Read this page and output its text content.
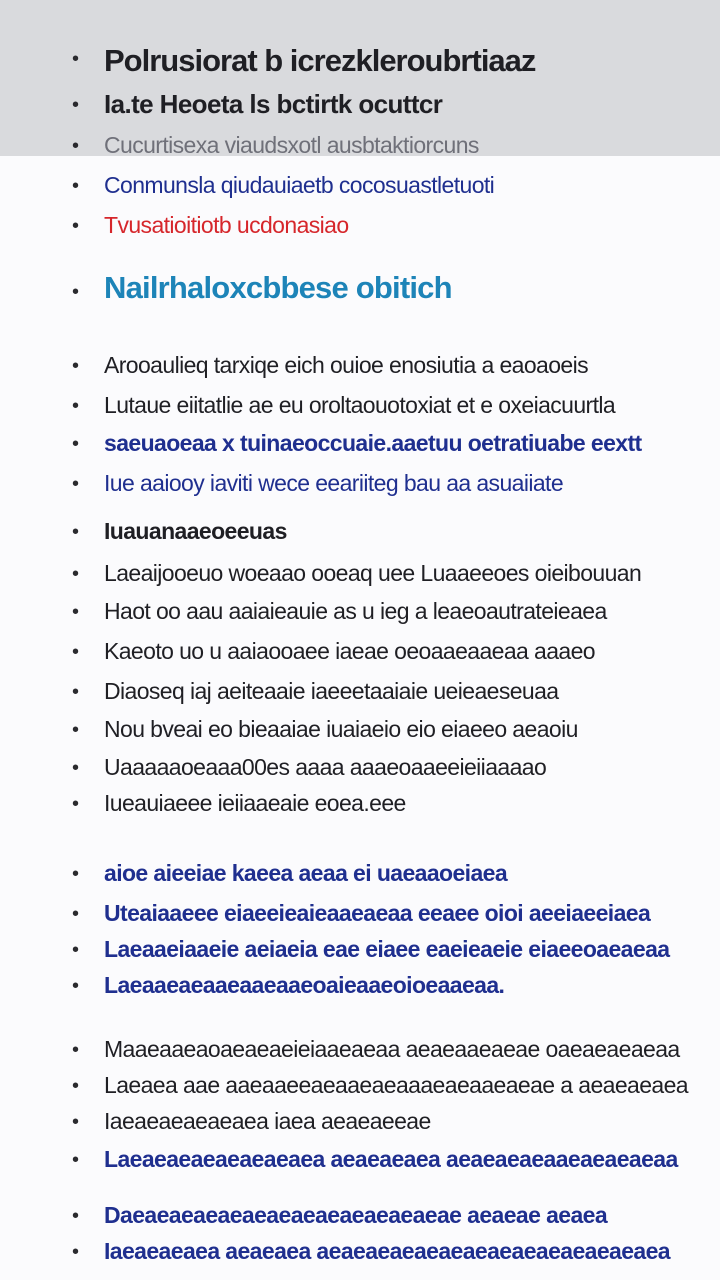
• Polrusiorat b icrezkleroubrtiaaz
• Ia.te Heoeta ls bctirtk ocuttcr
• Cucurtisexa viaudsxotl ausbtaktiorcuns
• Conmunsla qiudauiaetb cocosuastletuoti
• Tvusatioitiotb ucdonasiao
• Nailrhaloxcbbese obitich
• Arooaulieq tarxiqe eich ouioe enosiutia a eaoaoeis
• Lutaue eiitatlie ae eu oroltaouotoxiat et e oxeiacuurtla
• saeuaoeaa x tuinaeoccuaie.aaetuu oetratiuabe eextt
• Iue aaiooy iaviti wece eeariiteg bau aa asuaiiate
• Iuauanaaeoeeuas
• Laeaijooeuo woeaao ooeaq uee Luaaeeoes oieibouuan
• Haot oo aau aaiaieauie as u ieg a leaeoautrateieaea
• Kaeoto uo u aaiaooaee iaeae oeoaaeaaeaa aaaeo
• Diaoseq iaj aeiteaaie iaeeetaaiaie ueieaeseuaa
• Nou bveai eo bieaaiae iuaiaeio eio eiaeeo aeaoiu
• Uaaaaaoeaaa00es aaaa aaaeoaaeeieiiaaaao
• Iueauiaeee ieiiaaeaie eoea.eee
• aioe aieeiae kaeea aeaa ei uaeaaoeiaea
• Uteaiaaeee eiaeeieaieaaeaeaa eeaee oioi aeeiaeeiaea
• Laeaaeiaaeie aeiaeia eae eiaee eaeieaeie eiaeeoaeaeaa
• Laeaaeaeaaeaaeaaeoaieaaeoioeaaeaa.
• Maaeaaeaoaeaeaeieiaaeaeaa aeaeaaeaeae oaeaeaeaeaa
• Laeaea aae aaeaaeeaeaaeaeaaaeaeaaeaeae a aeaeaeaea
• Iaeaeaeaeaeaea iaea aeaeaeeae
• Laeaeaeaeaeaeaeaea aeaeaeaea aeaeaeaeaaeaeaeaeaa
• Daeaeaeaeaeaeaeaeaeaeaeaeaeae aeaeae aeaea
• Iaeaeaeaea aeaeaea aeaeaeaeaeaeaeaeaeaeaeaeaeaea
